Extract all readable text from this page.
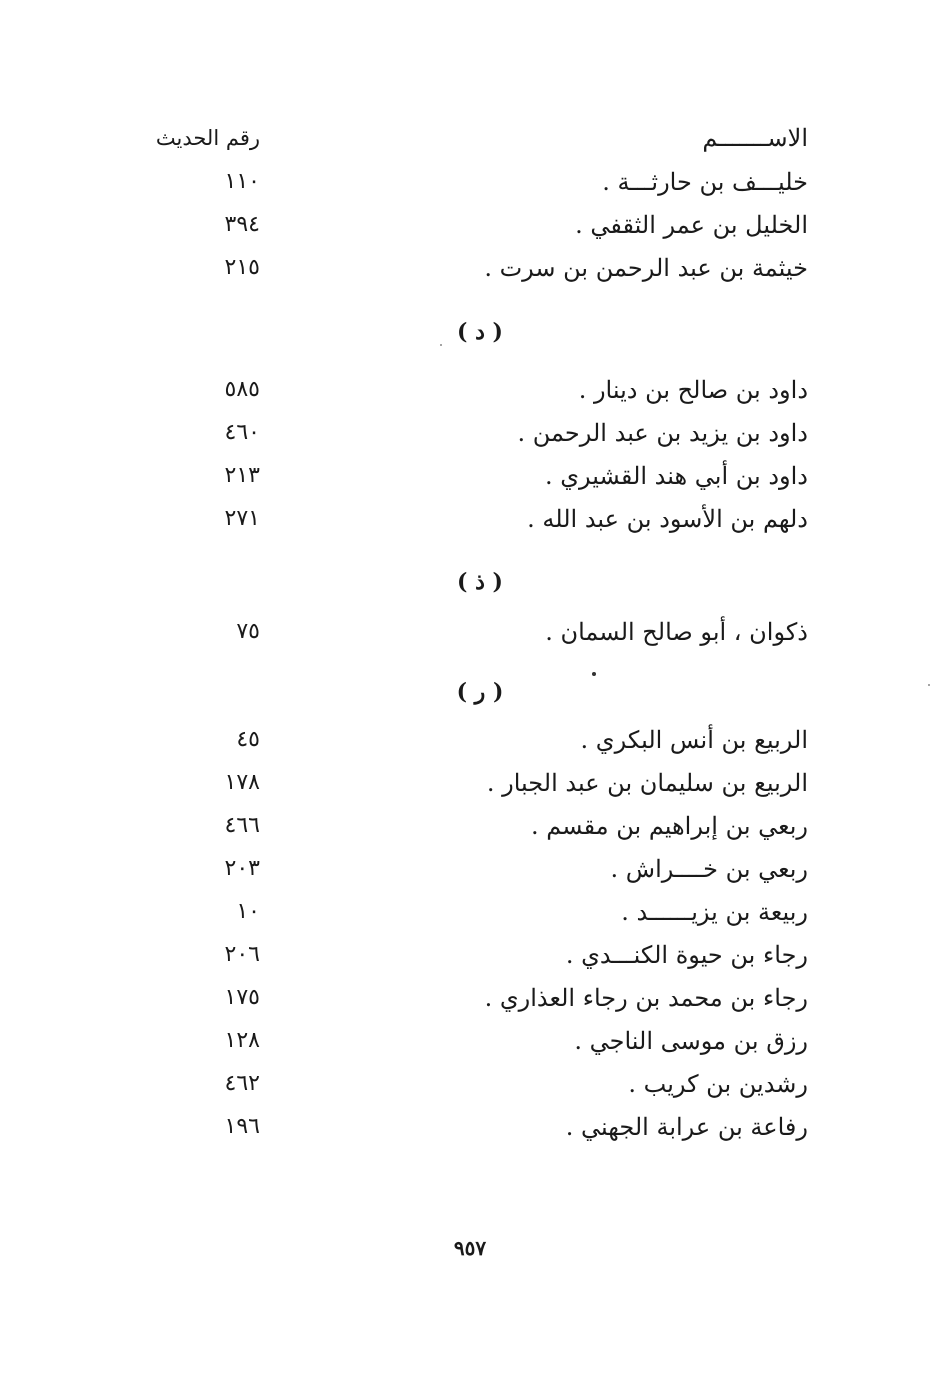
الاســـــــم
رقم الحديث
خليـــف بن حارثـــة .
١١٠
الخليل بن عمر الثقفي .
٣٩٤
خيثمة بن عبد الرحمن بن سرت .
٢١٥
( د )
داود بن صالح بن دينار .
٥٨٥
داود بن يزيد بن عبد الرحمن .
٤٦٠
داود بن أبي هند القشيري .
٢١٣
دلهم بن الأسود بن عبد الله .
٢٧١
( ذ )
ذكوان ، أبو صالح السمان .
٧٥
( ر )
الربيع بن أنس البكري .
٤٥
الربيع بن سليمان بن عبد الجبار .
١٧٨
ربعي بن إبراهيم بن مقسم .
٤٦٦
ربعي بن خــــراش .
٢٠٣
ربيعة بن يزيــــــد .
١٠
رجاء بن حيوة الكنـــدي .
٢٠٦
رجاء بن محمد بن رجاء العذاري .
١٧٥
رزق بن موسى الناجي .
١٢٨
رشدين بن كريب .
٤٦٢
رفاعة بن عرابة الجهني .
١٩٦
٩٥٧
